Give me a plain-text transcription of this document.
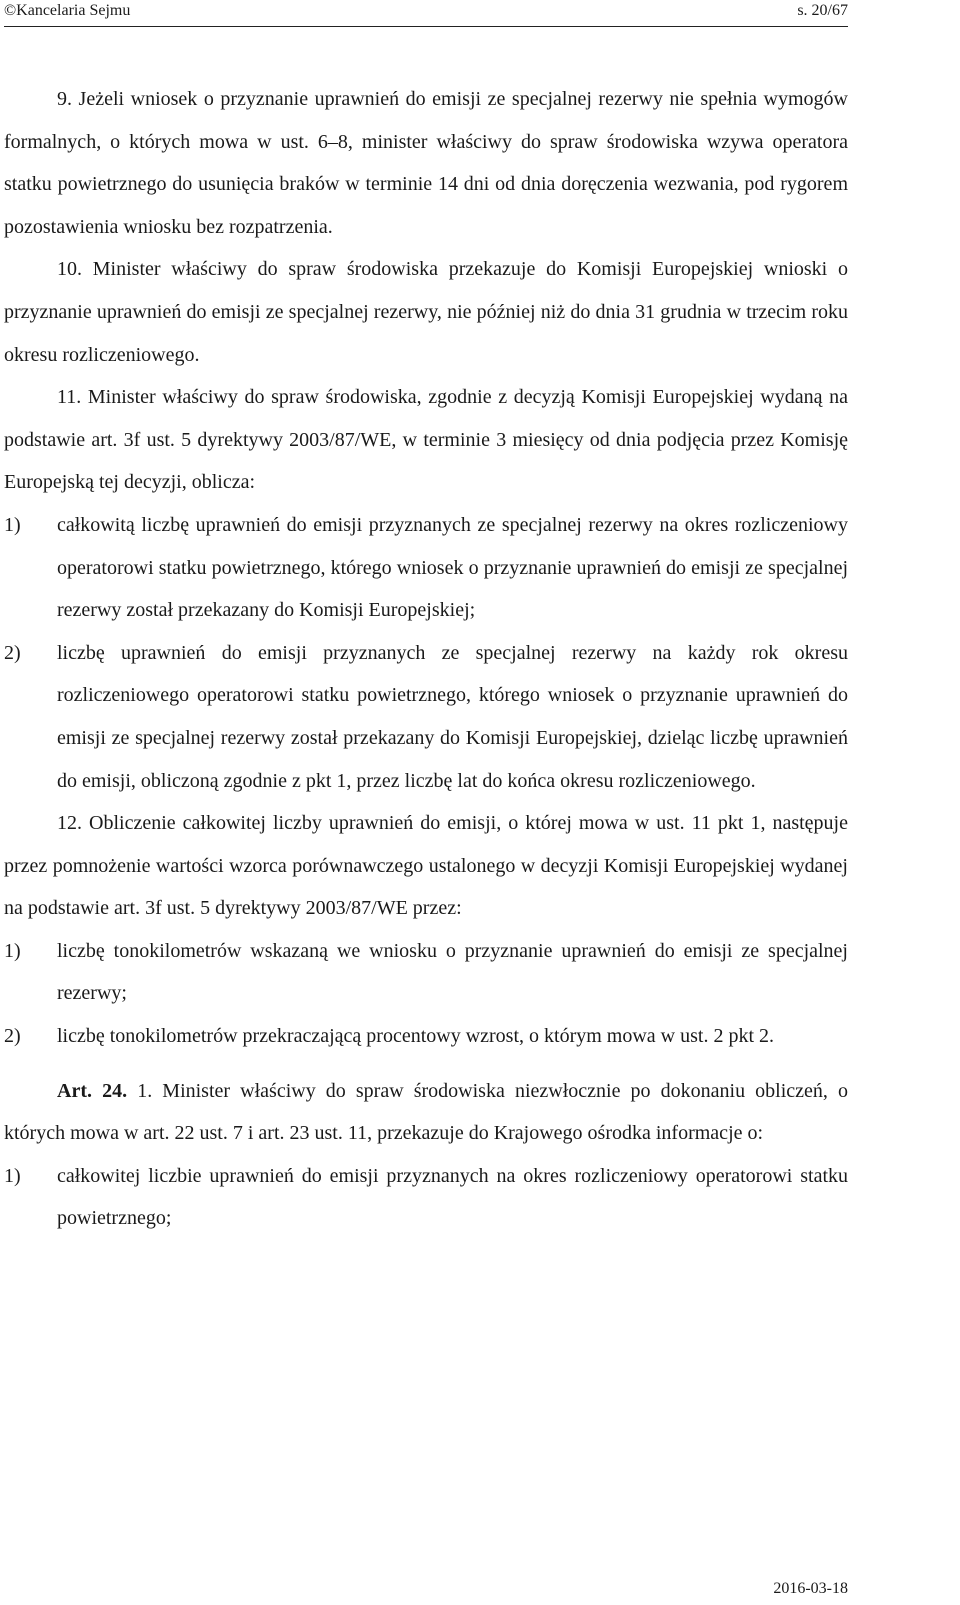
©Kancelaria Sejmu	s. 20/67

9. Jeżeli wniosek o przyznanie uprawnień do emisji ze specjalnej rezerwy nie spełnia wymogów formalnych, o których mowa w ust. 6–8, minister właściwy do spraw środowiska wzywa operatora statku powietrznego do usunięcia braków w terminie 14 dni od dnia doręczenia wezwania, pod rygorem pozostawienia wniosku bez rozpatrzenia.

10. Minister właściwy do spraw środowiska przekazuje do Komisji Europejskiej wnioski o przyznanie uprawnień do emisji ze specjalnej rezerwy, nie później niż do dnia 31 grudnia w trzecim roku okresu rozliczeniowego.

11. Minister właściwy do spraw środowiska, zgodnie z decyzją Komisji Europejskiej wydaną na podstawie art. 3f ust. 5 dyrektywy 2003/87/WE, w terminie 3 miesięcy od dnia podjęcia przez Komisję Europejską tej decyzji, oblicza:

1)	całkowitą liczbę uprawnień do emisji przyznanych ze specjalnej rezerwy na okres rozliczeniowy operatorowi statku powietrznego, którego wniosek o przyznanie uprawnień do emisji ze specjalnej rezerwy został przekazany do Komisji Europejskiej;
2)	liczbę uprawnień do emisji przyznanych ze specjalnej rezerwy na każdy rok okresu rozliczeniowego operatorowi statku powietrznego, którego wniosek o przyznanie uprawnień do emisji ze specjalnej rezerwy został przekazany do Komisji Europejskiej, dzieląc liczbę uprawnień do emisji, obliczoną zgodnie z pkt 1, przez liczbę lat do końca okresu rozliczeniowego.

12. Obliczenie całkowitej liczby uprawnień do emisji, o której mowa w ust. 11 pkt 1, następuje przez pomnożenie wartości wzorca porównawczego ustalonego w decyzji Komisji Europejskiej wydanej na podstawie art. 3f ust. 5 dyrektywy 2003/87/WE przez:

1)	liczbę tonokilometrów wskazaną we wniosku o przyznanie uprawnień do emisji ze specjalnej rezerwy;
2)	liczbę tonokilometrów przekraczającą procentowy wzrost, o którym mowa w ust. 2 pkt 2.

Art. 24. 1. Minister właściwy do spraw środowiska niezwłocznie po dokonaniu obliczeń, o których mowa w art. 22 ust. 7 i art. 23 ust. 11, przekazuje do Krajowego ośrodka informacje o:

1)	całkowitej liczbie uprawnień do emisji przyznanych na okres rozliczeniowy operatorowi statku powietrznego;
2016-03-18
